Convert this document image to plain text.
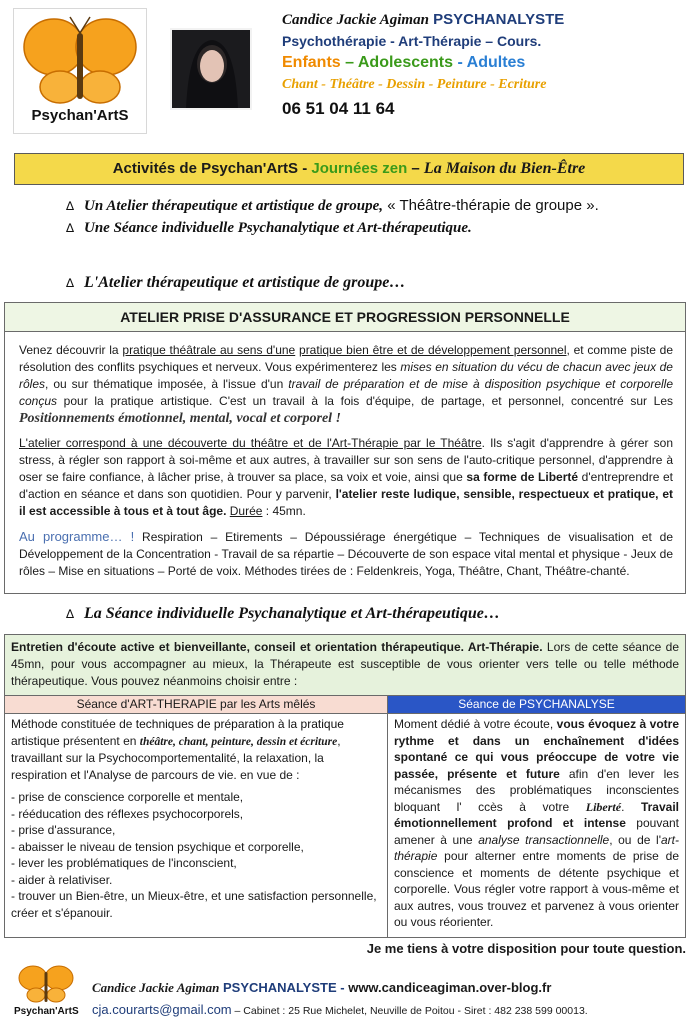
Psychan'ArtS
Candice Jackie Agiman PSYCHANALYSTE
Psychothérapie - Art-Thérapie – Cours.
Enfants – Adolescents - Adultes
Chant - Théâtre - Dessin - Peinture - Ecriture
06 51 04 11 64
Activités de Psychan'ArtS - Journées zen – La Maison du Bien-Être
∆ Un Atelier thérapeutique et artistique de groupe, « Théâtre-thérapie de groupe ».
∆ Une Séance individuelle Psychanalytique et Art-thérapeutique.
∆ L'Atelier thérapeutique et artistique de groupe…
ATELIER PRISE D'ASSURANCE ET PROGRESSION PERSONNELLE

Venez découvrir la pratique théâtrale au sens d'une pratique bien être et de développement personnel, et comme piste de résolution des conflits psychiques et nerveux. Vous expérimenterez les mises en situation du vécu de chacun avec jeux de rôles, ou sur thématique imposée, à l'issue d'un travail de préparation et de mise à disposition psychique et corporelle conçus pour la pratique artistique. C'est un travail à la fois d'équipe, de partage, et personnel, concentré sur Les Positionnements émotionnel, mental, vocal et corporel !

L'atelier correspond à une découverte du théâtre et de l'Art-Thérapie par le Théâtre. Ils s'agit d'apprendre à gérer son stress, à régler son rapport à soi-même et aux autres, à travailler sur son sens de l'auto-critique personnel, d'apprendre à oser se faire confiance, à lâcher prise, à trouver sa place, sa voix et voie, ainsi que sa forme de Liberté d'entreprendre et d'action en séance et dans son quotidien. Pour y parvenir, l'atelier reste ludique, sensible, respectueux et pratique, et il est accessible à tous et à tout âge. Durée : 45mn.

Au programme… ! Respiration – Etirements – Dépoussiérage énergétique – Techniques de visualisation et de Développement de la Concentration - Travail de sa répartie – Découverte de son espace vital mental et physique - Jeux de rôles – Mise en situations – Porté de voix. Méthodes tirées de : Feldenkreis, Yoga, Théâtre, Chant, Théâtre-chanté.

∆ La Séance individuelle Psychanalytique et Art-thérapeutique…
Entretien d'écoute active et bienveillante, conseil et orientation thérapeutique. Art-Thérapie. Lors de cette séance de 45mn, pour vous accompagner au mieux, la Thérapeute est susceptible de vous orienter vers telle ou telle méthode thérapeutique. Vous pouvez néanmoins choisir entre :
Séance d'ART-THERAPIE par les Arts mêlés	Séance de PSYCHANALYSE
Méthode constituée de techniques de préparation à la pratique artistique présentent en théâtre, chant, peinture, dessin et écriture, travaillant sur la Psychocomportementalité, la relaxation, la respiration et l'Analyse de parcours de vie. en vue de :
- prise de conscience corporelle et mentale,
- rééducation des réflexes psychocorporels,
- prise d'assurance,
- abaisser le niveau de tension psychique et corporelle,
- lever les problématiques de l'inconscient,
- aider à relativiser.
- trouver un Bien-être, un Mieux-être, et une satisfaction personnelle, créer et s'épanouir.
Moment dédié à votre écoute, vous évoquez à votre rythme et dans un enchaînement d'idées spontané ce qui vous préoccupe de votre vie passée, présente et future afin d'en lever les mécanismes des problématiques inconscientes bloquant l' ccès à votre Liberté. Travail émotionnellement profond et intense pouvant amener à une analyse transactionnelle, ou de l'art-thérapie pour alterner entre moments de prise de conscience et moments de détente psychique et corporelle. Vous régler votre rapport à vous-même et aux autres, vous trouvez et parvenez à vous orienter ou vous réorienter.
Je me tiens à votre disposition pour toute question.
Psychan'ArtS
Candice Jackie Agiman PSYCHANALYSTE - www.candiceagiman.over-blog.fr
cja.courarts@gmail.com – Cabinet : 25 Rue Michelet, Neuville de Poitou - Siret : 482 238 599 00013.
